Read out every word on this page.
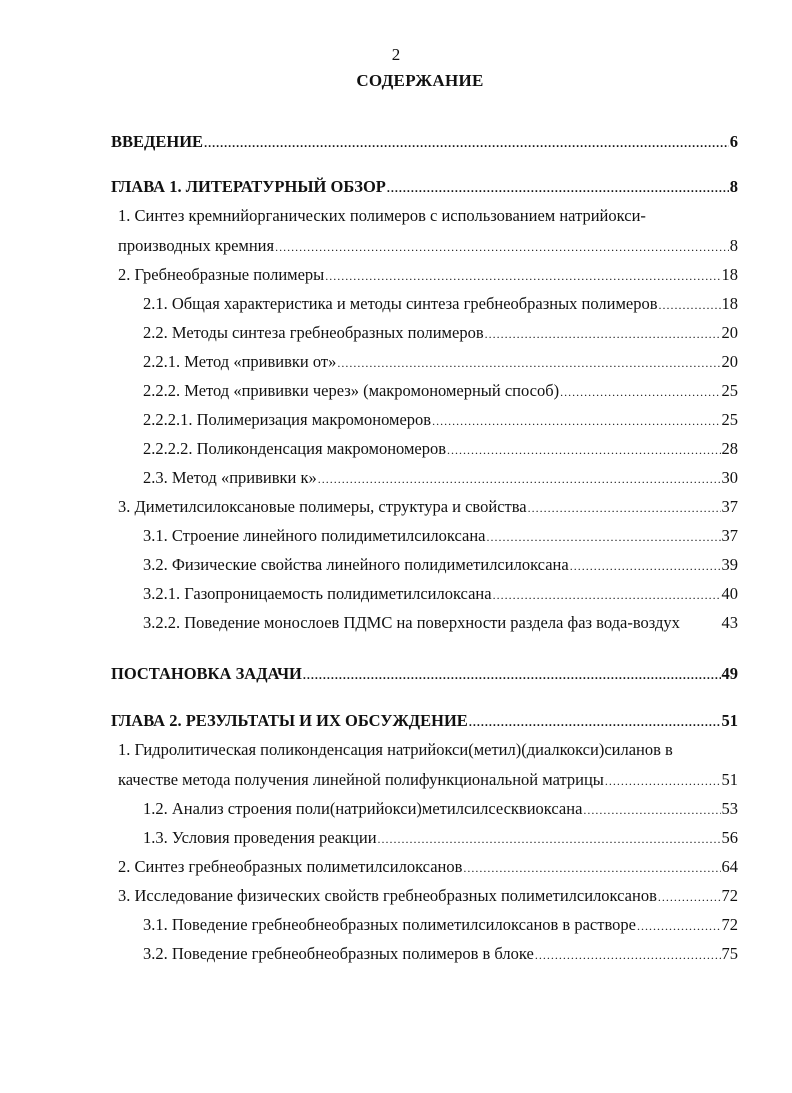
2
СОДЕРЖАНИЕ
ВВЕДЕНИЕ .....	6
ГЛАВА 1. ЛИТЕРАТУРНЫЙ ОБЗОР .....	8
1. Синтез кремнийорганических полимеров с использованием натрийокси-
производных кремния .....	8
2. Гребнеобразные полимеры .....	18
2.1. Общая характеристика и методы синтеза гребнеобразных полимеров .....	18
2.2. Методы синтеза гребнеобразных полимеров .....	20
2.2.1. Метод «прививки от» .....	20
2.2.2. Метод «прививки через» (макромономерный способ) .....	25
2.2.2.1. Полимеризация макромономеров .....	25
2.2.2.2. Поликонденсация макромономеров .....	28
2.3. Метод «прививки к» .....	30
3. Диметилсилоксановые полимеры, структура и свойства .....	37
3.1. Строение линейного полидиметилсилоксана .....	37
3.2. Физические свойства линейного полидиметилсилоксана .....	39
3.2.1. Газопроницаемость полидиметилсилоксана .....	40
3.2.2. Поведение монослоев ПДМС на поверхности раздела фаз вода-воздух	43
ПОСТАНОВКА ЗАДАЧИ .....	49
ГЛАВА 2. РЕЗУЛЬТАТЫ И ИХ ОБСУЖДЕНИЕ .....	51
1. Гидролитическая поликонденсация натрийокси(метил)(диалкокси)силанов в
качестве метода получения линейной полифункциональной матрицы .....	51
1.2. Анализ строения поли(натрийокси)метилсилсесквиоксана .....	53
1.3. Условия проведения реакции .....	56
2. Синтез гребнеобразных полиметилсилоксанов .....	64
3. Исследование физических свойств гребнеобразных полиметилсилоксанов .....	72
3.1. Поведение гребнеобнеобразных полиметилсилоксанов в растворе .....	72
3.2. Поведение гребнеобнеобразных полимеров в блоке .....	75
